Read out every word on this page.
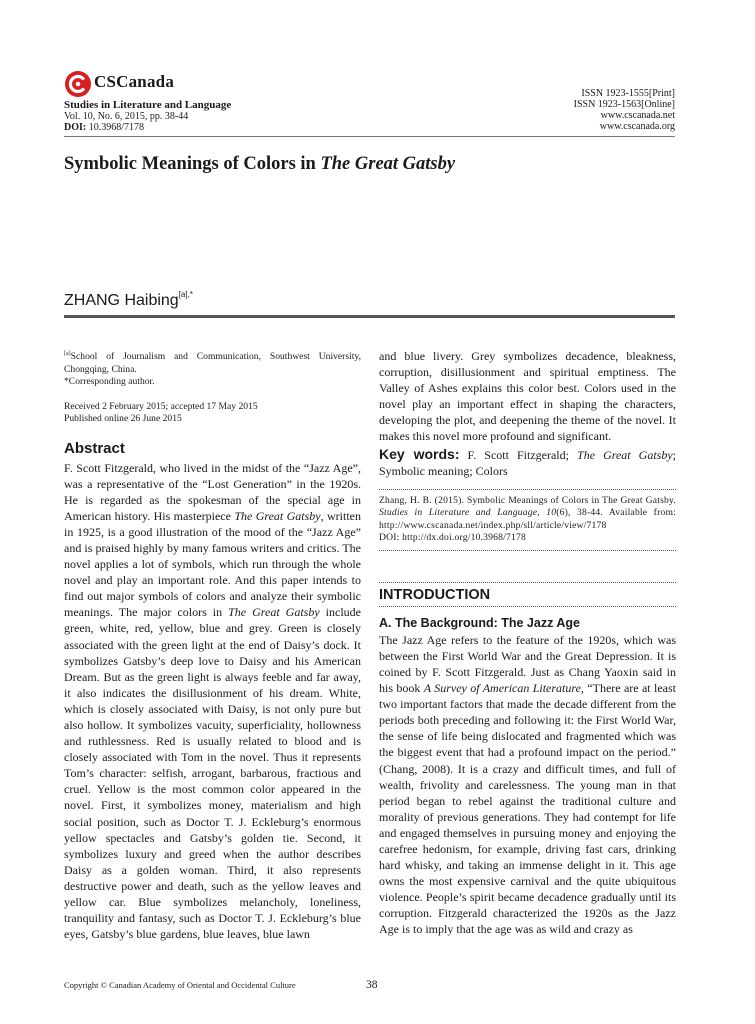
CSCanada
Studies in Literature and Language
Vol. 10, No. 6, 2015, pp. 38-44
DOI: 10.3968/7178
ISSN 1923-1555[Print]
ISSN 1923-1563[Online]
www.cscanada.net
www.cscanada.org
Symbolic Meanings of Colors in The Great Gatsby
ZHANG Haibing$^{[a],*}$
[a]School of Journalism and Communication, Southwest University, Chongqing, China.
*Corresponding author.
Received 2 February 2015; accepted 17 May 2015
Published online 26 June 2015
Abstract
F. Scott Fitzgerald, who lived in the midst of the “Jazz Age”, was a representative of the “Lost Generation” in the 1920s. He is regarded as the spokesman of the special age in American history. His masterpiece The Great Gatsby, written in 1925, is a good illustration of the mood of the “Jazz Age” and is praised highly by many famous writers and critics. The novel applies a lot of symbols, which run through the whole novel and play an important role. And this paper intends to find out major symbols of colors and analyze their symbolic meanings. The major colors in The Great Gatsby include green, white, red, yellow, blue and grey. Green is closely associated with the green light at the end of Daisy’s dock. It symbolizes Gatsby’s deep love to Daisy and his American Dream. But as the green light is always feeble and far away, it also indicates the disillusionment of his dream. White, which is closely associated with Daisy, is not only pure but also hollow. It symbolizes vacuity, superficiality, hollowness and ruthlessness. Red is usually related to blood and is closely associated with Tom in the novel. Thus it represents Tom’s character: selfish, arrogant, barbarous, fractious and cruel. Yellow is the most common color appeared in the novel. First, it symbolizes money, materialism and high social position, such as Doctor T. J. Eckleburg’s enormous yellow spectacles and Gatsby’s golden tie. Second, it symbolizes luxury and greed when the author describes Daisy as a golden woman. Third, it also represents destructive power and death, such as the yellow leaves and yellow car. Blue symbolizes melancholy, loneliness, tranquility and fantasy, such as Doctor T. J. Eckleburg’s blue eyes, Gatsby’s blue gardens, blue leaves, blue lawn

and blue livery. Grey symbolizes decadence, bleakness, corruption, disillusionment and spiritual emptiness. The Valley of Ashes explains this color best. Colors used in the novel play an important effect in shaping the characters, developing the plot, and deepening the theme of the novel. It makes this novel more profound and significant.

Key words: F. Scott Fitzgerald; The Great Gatsby; Symbolic meaning; Colors
Zhang, H. B. (2015). Symbolic Meanings of Colors in The Great Gatsby. Studies in Literature and Language, 10(6), 38-44. Available from: http://www.cscanada.net/index.php/sll/article/view/7178
DOI: http://dx.doi.org/10.3968/7178
INTRODUCTION
A. The Background: The Jazz Age
The Jazz Age refers to the feature of the 1920s, which was between the First World War and the Great Depression. It is coined by F. Scott Fitzgerald. Just as Chang Yaoxin said in his book A Survey of American Literature, “There are at least two important factors that made the decade different from the periods both preceding and following it: the First World War, the sense of life being dislocated and fragmented which was the biggest event that had a profound impact on the period.” (Chang, 2008). It is a crazy and difficult times, and full of wealth, frivolity and carelessness. The young man in that period began to rebel against the traditional culture and morality of previous generations. They had contempt for life and engaged themselves in pursuing money and enjoying the carefree hedonism, for example, driving fast cars, drinking hard whisky, and taking an immense delight in it. This age owns the most expensive carnival and the quite ubiquitous violence. People’s spirit became decadence gradually until its corruption. Fitzgerald characterized the 1920s as the Jazz Age is to imply that the age was as wild and crazy as
Copyright © Canadian Academy of Oriental and Occidental Culture	38
